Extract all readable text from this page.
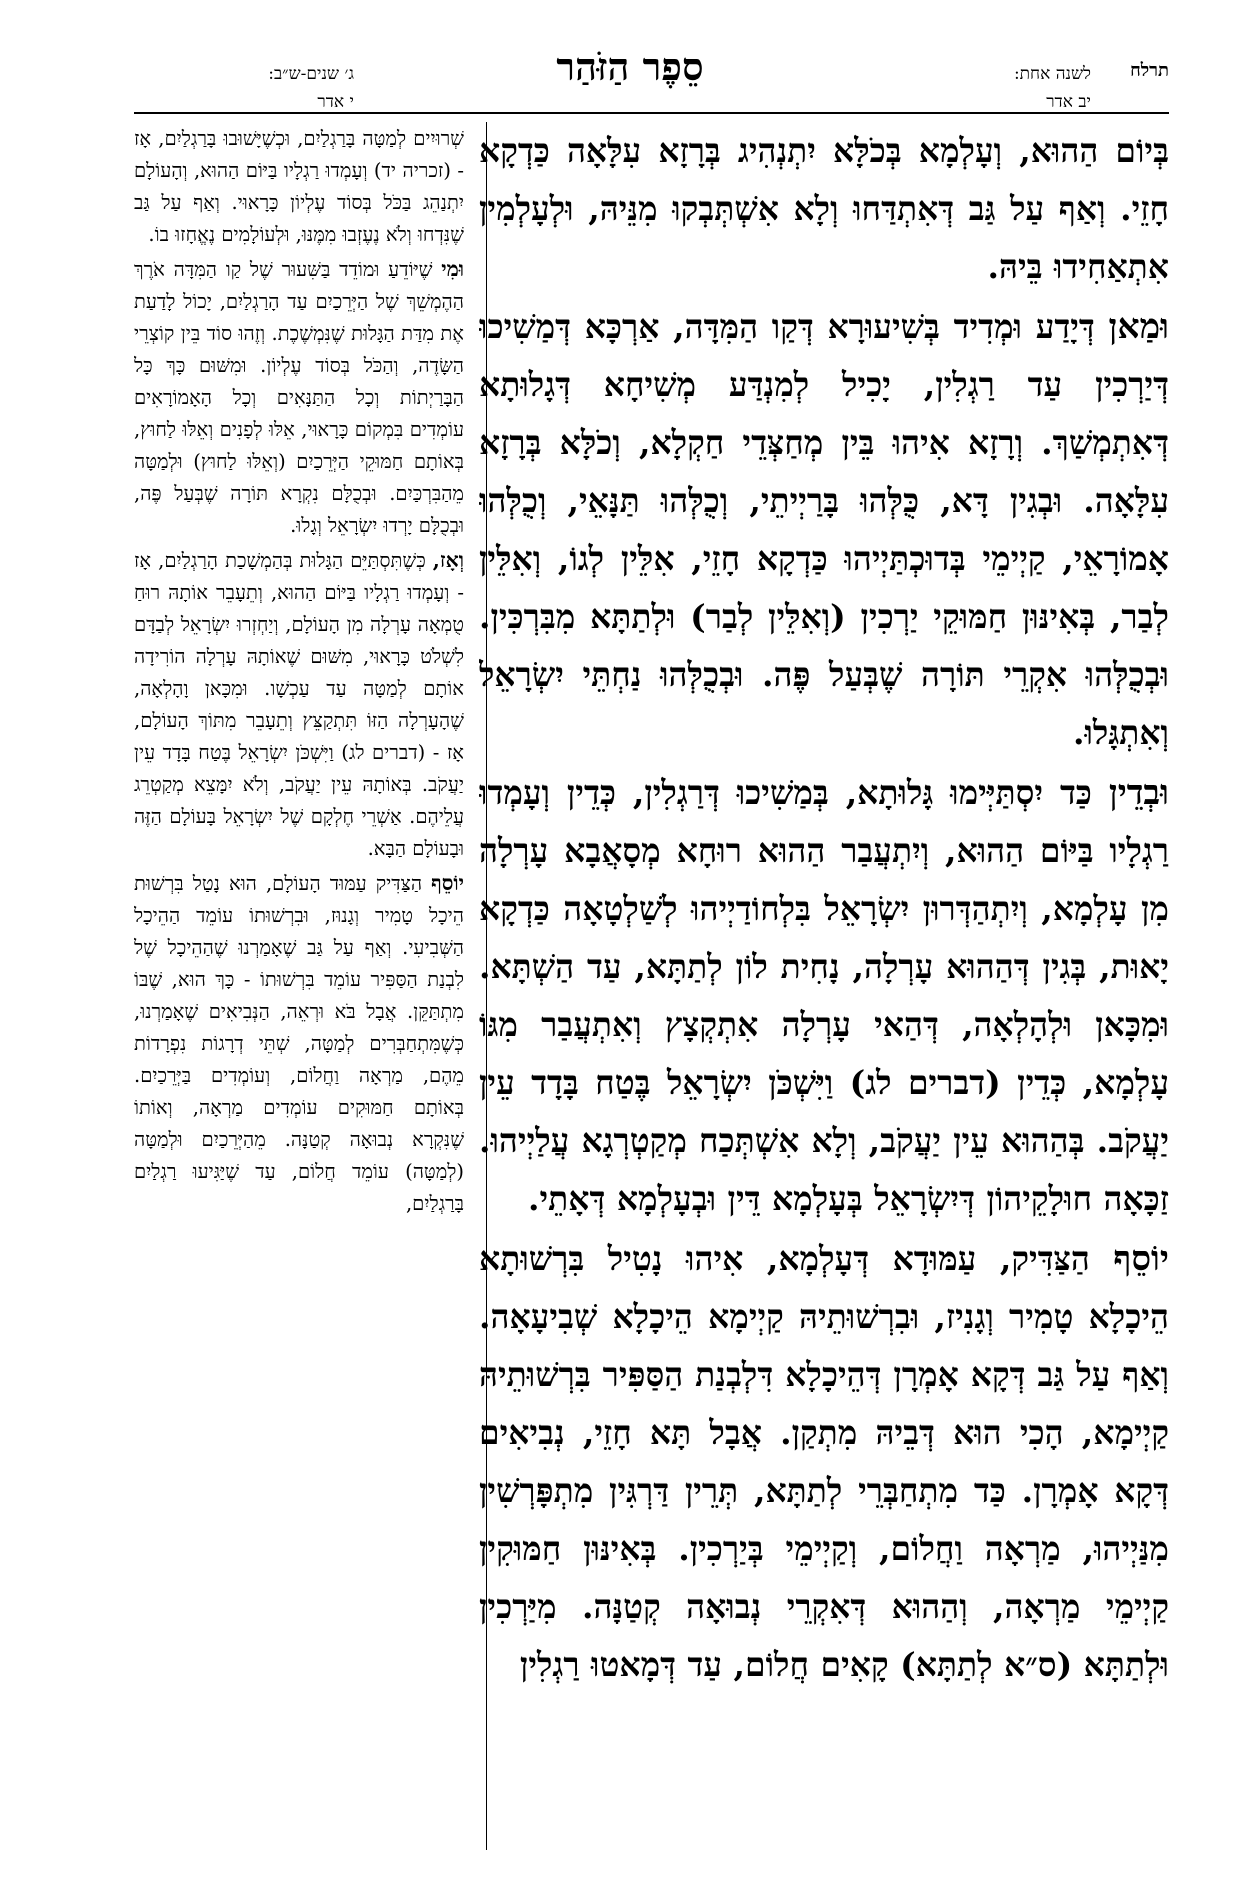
תרלח
לשנה אחת:
יב אדר
סֵפֶר הַזֹּהַר
ג׳ שנים-ש״ב:
י אדר

בְּיוֹם הַהוּא, וְעָלְמָא בְּכֹלָּא יִתְנְהִיג בְּרָזָא עִלָּאָה כַּדְקָא חָזֵי. וְאַף עַל גַּב דְּאִתְדַּחוּ וְלָא אִשְׁתְּבְקוּ מִנֵּיהּ, וּלְעָלְמִין אִתְאַחִידוּ בֵּיהּ.

וּמַאן דְּיָדַע וּמְדִיד בְּשִׁיעוּרָא דְּקַו הַמִּדָּה, אַרְכָּא דְּמַשִׁיכוּ דְּיַרְכִין עַד רַגְלִין, יָכִיל לְמִנְדַּע מְשִׁיחָא דְּגָלוּתָא דְּאִתְמְשַׁךְ. וְרָזָא אִיהוּ בֵּין מְחַצְּדֵי חַקְלָא, וְכֹלָּא בְּרָזָא עִלָּאָה. וּבְגִין דָּא, כֻּלְּהוּ בָּרַיְיתֵי, וְכֻלְּהוּ תַּנָּאֵי, וְכֻלְּהוּ אָמוֹרָאֵי, קַיְימֵי בְּדוּכְתַּיְיהוּ כַּדְקָא חָזֵי, אִלֵּין לְגוֹ, וְאִלֵּין לְבַר, בְּאִינּוּן חַמּוּקֵי יַרְכִין (וְאִלֵּין לְבַר) וּלְתַתָּא מִבִּרְכִּין. וּבְכֻלְּהוּ אִקְרֵי תּוֹרָה שֶׁבְּעַל פֶּה. וּבְכֻלְּהוּ נַחְתֵּי יִשְׂרָאֵל וְאִתְגָּלוּ.

וּבְדֵין כַּד יִסְתַּיְּימוּ גָּלוּתָא, בְּמַשִׁיכוּ דְּרַגְלִין, כְּדֵין וְעָמְדוּ רַגְלָיו בַּיּוֹם הַהוּא, וְיִתְעֲבַר הַהוּא רוּחָא מְסָאֲבָא עָרְלָה מִן עָלְמָא, וְיִתְהַדְּרוּן יִשְׂרָאֵל בִּלְחוֹדַיְיהוּ לְשַׁלְטָאָה כַּדְקָא יָאוּת, בְּגִין דְּהַהוּא עָרְלָה, נָחִית לוֹן לְתַתָּא, עַד הַשְׁתָּא. וּמִכָּאן וּלְהָלְאָה, דְּהַאי עָרְלָה אִתְקְצָץ וְאִתְעֲבַר מִגּוֹ עָלְמָא, כְּדֵין (דברים לג) וַיִּשְׁכֹּן יִשְׂרָאֵל בֶּטַח בָּדָד עֵין יַעֲקֹב. בְּהַהוּא עֵין יַעֲקֹב, וְלָא אִשְׁתְּכַח מְקַטְרְגָא עֲלַיְיהוּ. זַכָּאָה חוּלָקֵיהוֹן דְּיִשְׂרָאֵל בְּעָלְמָא דֵּין וּבְעָלְמָא דְּאָתֵי.

יוֹסֵף הַצַּדִּיק, עַמּוּדָא דְּעָלְמָא, אִיהוּ נָטִיל בִּרְשׁוּתָא הֵיכָלָא טָמִיר וְגָנִיז, וּבִרְשׁוּתֵיהּ קַיְימָא הֵיכָלָא שְׁבִיעָאָה. וְאַף עַל גַּב דְּקָא אָמְרָן דְּהֵיכָלָא דִּלְבְנַת הַסַּפִּיר בִּרְשׁוּתֵיהּ קַיְימָא, הָכִי הוּא דְּבֵיהּ מִתְקַן. אֲבָל תָּא חָזֵי, נְבִיאִים דְּקָא אָמְרָן. כַּד מִתְחַבְּרֵי לְתַתָּא, תְּרֵין דַּרְגִּין מִתְפָּרְשִׁין מִנַּיְיהוּ, מַרְאָה וַחֲלוֹם, וְקַיְימֵי בְּיַרְכִין. בְּאִינּוּן חַמּוּקִין קַיְימֵי מַרְאָה, וְהַהוּא דְּאִקְרֵי נְבוּאָה קְטַנָּה. מִיַּרְכִין וּלְתַתָּא (ס״א לְתַתָּא) קָאִים חֲלוֹם, עַד דְּמָאטוּ רַגְלִין

שְׁרוּיִים לְמַטָּה בָּרַגְלַיִם, וּכְשֶׁיָּשׁוּבוּ בָּרַגְלַיִם, אָז - (זכריה יד) וְעָמְדוּ רַגְלָיו בַּיּוֹם הַהוּא, וְהָעוֹלָם יִתְנַהֵג בַּכֹּל בְּסוֹד עֶלְיוֹן כָּרָאוּי. וְאַף עַל גַּב שֶׁנִּדְחוּ וְלֹא נֶעֶזְבוּ מִמֶּנּוּ, וּלְעוֹלָמִים נֶאֱחָזוּ בוֹ.

וּמִי שֶׁיּוֹדֵעַ וּמוֹדֵד בַּשִּׁעוּר שֶׁל קַו הַמִּדָּה אֹרֶךְ הַהֶמְשֵׁךְ שֶׁל הַיְּרֵכַיִם עַד הָרַגְלַיִם, יָכוֹל לָדַעַת אֶת מִדַּת הַגָּלוּת שֶׁנִּמְשֶׁכֶת. וְזֶהוּ סוֹד בֵּין קוֹצְרֵי הַשָּׂדֶה, וְהַכֹּל בְּסוֹד עֶלְיוֹן. וּמִשּׁוּם כָּךְ כָּל הַבָּרַיְתוֹת וְכָל הַתַּנָּאִים וְכָל הָאָמוֹרָאִים עוֹמְדִים בִּמְקוֹם כָּרָאוּי, אֵלּוּ לְפָנִים וְאֵלּוּ לַחוּץ, בְּאוֹתָם חַמּוּקֵי הַיְּרֵכַיִם (וְאֵלּוּ לַחוּץ) וּלְמַטָּה מֵהַבִּרְכַּיִם. וּבְכֻלָּם נִקְרָא תּוֹרָה שֶׁבְּעַל פֶּה, וּבְכֻלָּם יָרְדוּ יִשְׂרָאֵל וְגָלוּ.

וְאָז, כְּשֶׁתִּסְתַּיֵּם הַגָּלוּת בְּהַמְשָׁכַת הָרַגְלַיִם, אָז - וְעָמְדוּ רַגְלָיו בַּיּוֹם הַהוּא, וְתֵעָבֵר אוֹתָהּ רוּחַ טֻמְאָה עָרְלָה מִן הָעוֹלָם, וְיַחְזְרוּ יִשְׂרָאֵל לְבַדָּם לִשְׁלֹט כָּרָאוּי, מִשּׁוּם שֶׁאוֹתָהּ עָרְלָה הוֹרִידָה אוֹתָם לְמַטָּה עַד עַכְשָׁו. וּמִכָּאן וָהָלְאָה, שֶׁהָעָרְלָה הַזּוֹ תִּתְקַצֵּץ וְתֵעָבֵר מִתּוֹךְ הָעוֹלָם, אָז - (דברים לג) וַיִּשְׁכֹּן יִשְׂרָאֵל בֶּטַח בָּדָד עֵין יַעֲקֹב. בְּאוֹתָהּ עֵין יַעֲקֹב, וְלֹא יִמָּצֵא מְקַטְרֵג עֲלֵיהֶם. אַשְׁרֵי חֶלְקָם שֶׁל יִשְׂרָאֵל בָּעוֹלָם הַזֶּה וּבָעוֹלָם הַבָּא.

יוֹסֵף הַצַּדִּיק עַמּוּד הָעוֹלָם, הוּא נָטַל בִּרְשׁוּת הֵיכָל טָמִיר וְגָנוּז, וּבִרְשׁוּתוֹ עוֹמֵד הַהֵיכָל הַשְּׁבִיעִי. וְאַף עַל גַּב שֶׁאָמַרְנוּ שֶׁהַהֵיכָל שֶׁל לִבְנַת הַסַּפִּיר עוֹמֵד בִּרְשׁוּתוֹ - כָּךְ הוּא, שֶׁבּוֹ מִתְתַּקֵּן. אֲבָל בֹּא וּרְאֵה, הַנְּבִיאִים שֶׁאָמַרְנוּ, כְּשֶׁמִּתְחַבְּרִים לְמַטָּה, שְׁתֵּי דְרָגוֹת נִפְרָדוֹת מֵהֶם, מַרְאָה וַחֲלוֹם, וְעוֹמְדִים בַּיְּרֵכַיִם. בְּאוֹתָם חַמּוּקִים עוֹמְדִים מַרְאָה, וְאוֹתוֹ שֶׁנִּקְרָא נְבוּאָה קְטַנָּה. מֵהַיְּרֵכַיִם וּלְמַטָּה (לְמַטָּה) עוֹמֵד חֲלוֹם, עַד שֶׁיַּגִּיעוּ רַגְלַיִם בָּרַגְלַיִם,
